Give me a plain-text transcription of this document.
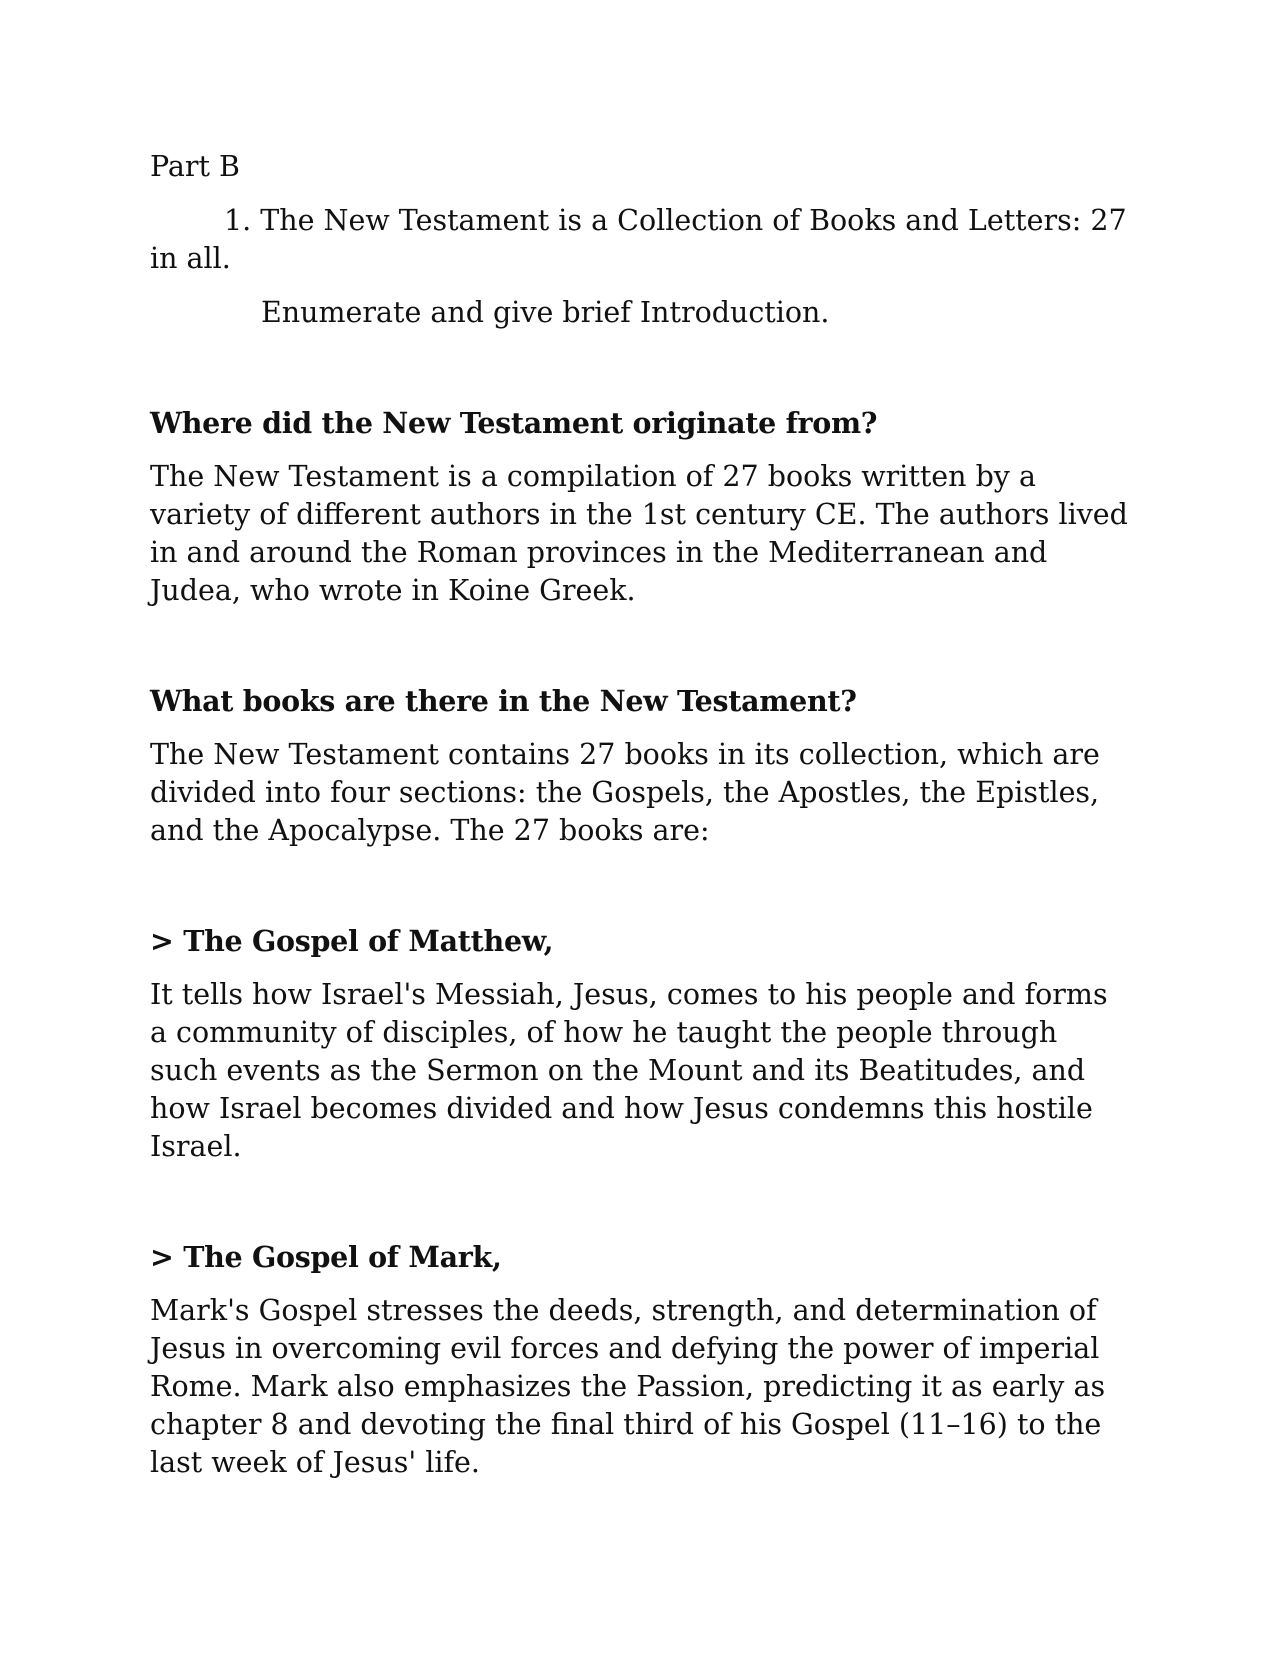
Part B

1. The New Testament is a Collection of Books and Letters: 27 in all.

Enumerate and give brief Introduction.

Where did the New Testament originate from?

The New Testament is a compilation of 27 books written by a variety of different authors in the 1st century CE. The authors lived in and around the Roman provinces in the Mediterranean and Judea, who wrote in Koine Greek.

What books are there in the New Testament?

The New Testament contains 27 books in its collection, which are divided into four sections: the Gospels, the Apostles, the Epistles, and the Apocalypse. The 27 books are:

> The Gospel of Matthew,

It tells how Israel's Messiah, Jesus, comes to his people and forms a community of disciples, of how he taught the people through such events as the Sermon on the Mount and its Beatitudes, and how Israel becomes divided and how Jesus condemns this hostile Israel.

> The Gospel of Mark,

Mark's Gospel stresses the deeds, strength, and determination of Jesus in overcoming evil forces and defying the power of imperial Rome. Mark also emphasizes the Passion, predicting it as early as chapter 8 and devoting the final third of his Gospel (11–16) to the last week of Jesus' life.
